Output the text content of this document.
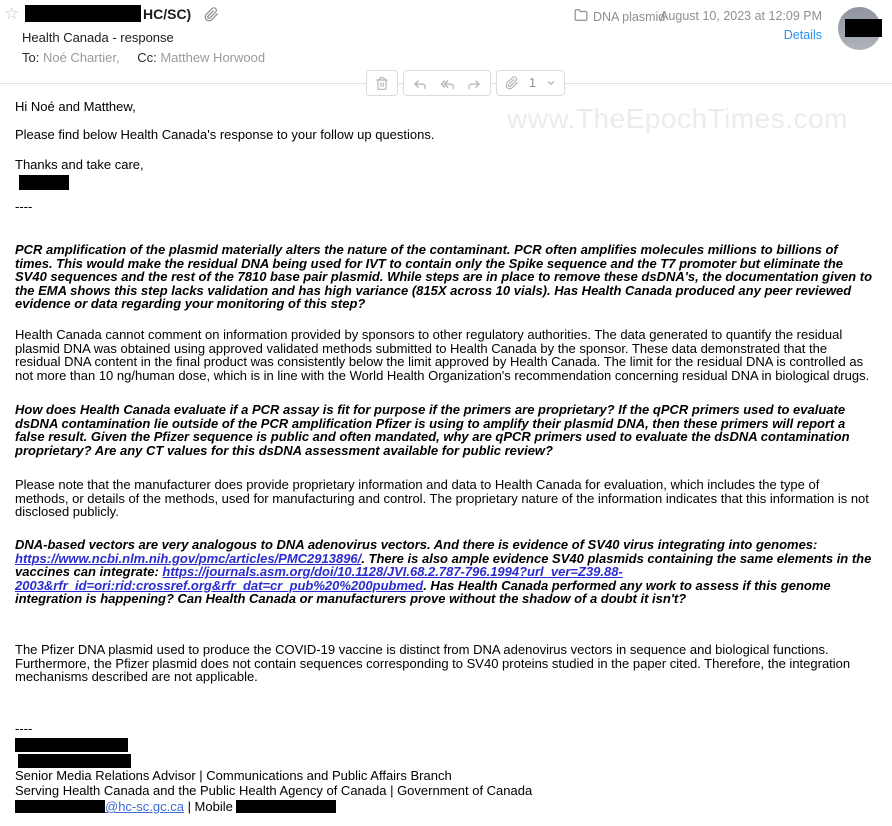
☆	HC/SC)
Health Canada - response
To: Noé Chartier, Cc: Matthew Horwood
DNA plasmid
August 10, 2023 at 12:09 PM
Details
1
www.TheEpochTimes.com
Hi Noé and Matthew,
Please find below Health Canada's response to your follow up questions.
Thanks and take care,
----
PCR amplification of the plasmid materially alters the nature of the contaminant. PCR often amplifies molecules millions to billions of times. This would make the residual DNA being used for IVT to contain only the Spike sequence and the T7 promoter but eliminate the SV40 sequences and the rest of the 7810 base pair plasmid. While steps are in place to remove these dsDNA's, the documentation given to the EMA shows this step lacks validation and has high variance (815X across 10 vials). Has Health Canada produced any peer reviewed evidence or data regarding your monitoring of this step?
Health Canada cannot comment on information provided by sponsors to other regulatory authorities. The data generated to quantify the residual plasmid DNA was obtained using approved validated methods submitted to Health Canada by the sponsor. These data demonstrated that the residual DNA content in the final product was consistently below the limit approved by Health Canada. The limit for the residual DNA is controlled as not more than 10 ng/human dose, which is in line with the World Health Organization's recommendation concerning residual DNA in biological drugs.
How does Health Canada evaluate if a PCR assay is fit for purpose if the primers are proprietary? If the qPCR primers used to evaluate dsDNA contamination lie outside of the PCR amplification Pfizer is using to amplify their plasmid DNA, then these primers will report a false result. Given the Pfizer sequence is public and often mandated, why are qPCR primers used to evaluate the dsDNA contamination proprietary? Are any CT values for this dsDNA assessment available for public review?
Please note that the manufacturer does provide proprietary information and data to Health Canada for evaluation, which includes the type of methods, or details of the methods, used for manufacturing and control. The proprietary nature of the information indicates that this information is not disclosed publicly.
DNA-based vectors are very analogous to DNA adenovirus vectors. And there is evidence of SV40 virus integrating into genomes: https://www.ncbi.nlm.nih.gov/pmc/articles/PMC2913896/. There is also ample evidence SV40 plasmids containing the same elements in the vaccines can integrate: https://journals.asm.org/doi/10.1128/JVI.68.2.787-796.1994?url_ver=Z39.88-2003&rfr_id=ori:rid:crossref.org&rfr_dat=cr_pub%20%200pubmed. Has Health Canada performed any work to assess if this genome integration is happening? Can Health Canada or manufacturers prove without the shadow of a doubt it isn't?
The Pfizer DNA plasmid used to produce the COVID-19 vaccine is distinct from DNA adenovirus vectors in sequence and biological functions. Furthermore, the Pfizer plasmid does not contain sequences corresponding to SV40 proteins studied in the paper cited. Therefore, the integration mechanisms described are not applicable.
----
Senior Media Relations Advisor | Communications and Public Affairs Branch
Serving Health Canada and the Public Health Agency of Canada | Government of Canada
@hc-sc.gc.ca | Mobile
